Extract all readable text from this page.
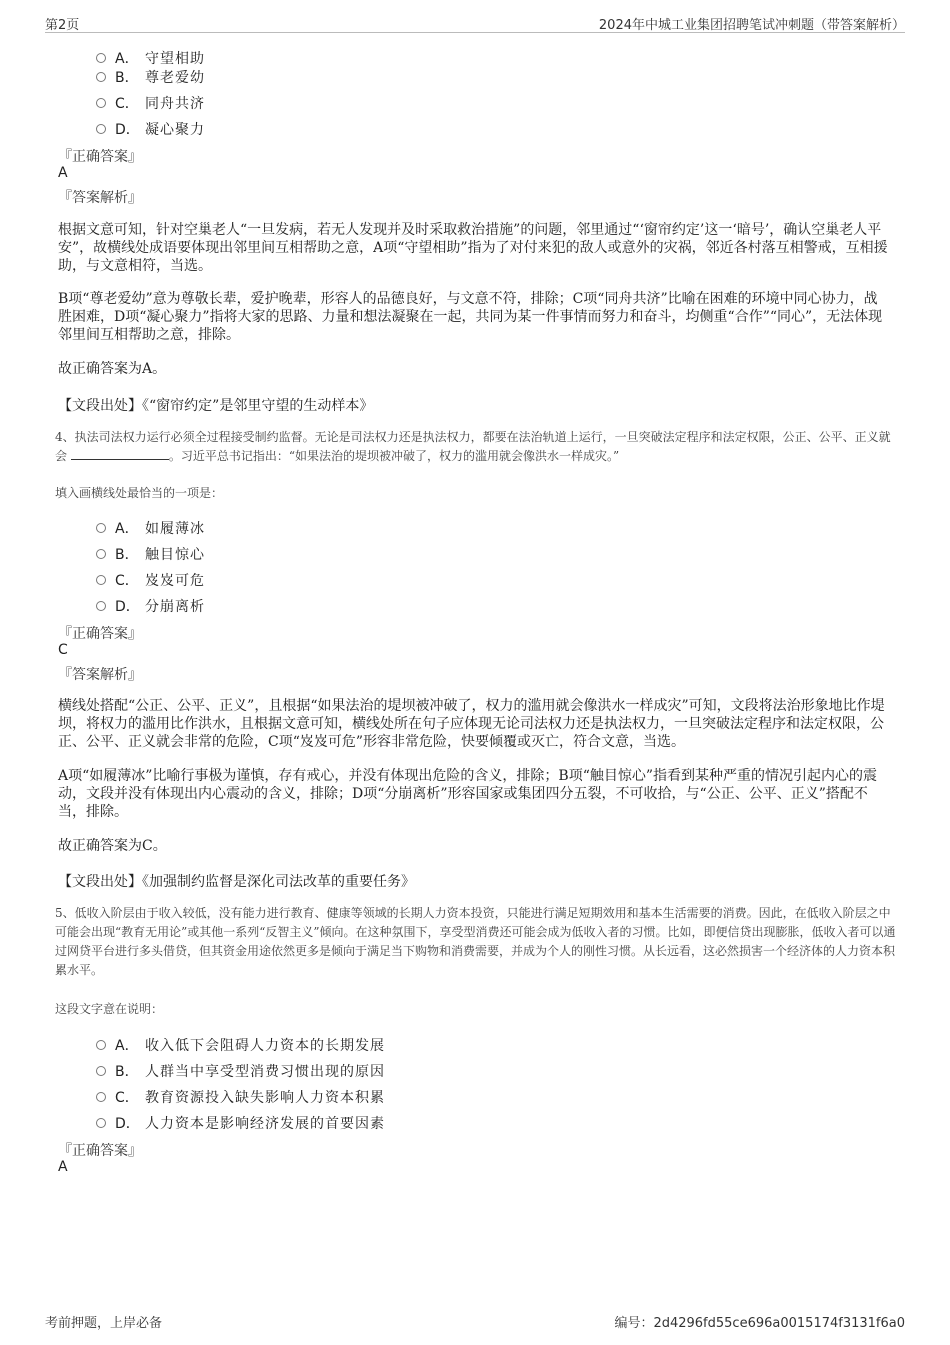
第2页	2024年中城工业集团招聘笔试冲刺题（带答案解析）
A． 守望相助
B． 尊老爱幼
C． 同舟共济
D． 凝心聚力
『正确答案』
A
『答案解析』
根据文意可知，针对空巢老人“一旦发病，若无人发现并及时采取救治措施”的问题，邻里通过“‘窗帘约定’这一‘暗号’，确认空巢老人平安”，故横线处成语要体现出邻里间互相帮助之意，A项“守望相助”指为了对付来犯的敌人或意外的灾祸，邻近各村落互相警戒，互相援助，与文意相符，当选。
B项“尊老爱幼”意为尊敬长辈，爱护晚辈，形容人的品德良好，与文意不符，排除；C项“同舟共济”比喻在困难的环境中同心协力，战胜困难，D项“凝心聚力”指将大家的思路、力量和想法凝聚在一起，共同为某一件事情而努力和奋斗，均侧重“合作”“同心”，无法体现邻里间互相帮助之意，排除。
故正确答案为A。
【文段出处】《“窗帘约定”是邻里守望的生动样本》
4、执法司法权力运行必须全过程接受制约监督。无论是司法权力还是执法权力，都要在法治轨道上运行，一旦突破法定程序和法定权限，公正、公平、正义就会	。习近平总书记指出：“如果法治的堤坝被冲破了，权力的滥用就会像洪水一样成灾。”
填入画横线处最恰当的一项是：
A． 如履薄冰
B． 触目惊心
C． 岌岌可危
D． 分崩离析
『正确答案』
C
『答案解析』
横线处搭配“公正、公平、正义”，且根据“如果法治的堤坝被冲破了，权力的滥用就会像洪水一样成灾”可知，文段将法治形象地比作堤坝，将权力的滥用比作洪水，且根据文意可知，横线处所在句子应体现无论司法权力还是执法权力，一旦突破法定程序和法定权限，公正、公平、正义就会非常的危险，C项“岌岌可危”形容非常危险，快要倾覆或灭亡，符合文意，当选。
A项“如履薄冰”比喻行事极为谨慎，存有戒心，并没有体现出危险的含义，排除；B项“触目惊心”指看到某种严重的情况引起内心的震动，文段并没有体现出内心震动的含义，排除；D项“分崩离析”形容国家或集团四分五裂，不可收拾，与“公正、公平、正义”搭配不当，排除。
故正确答案为C。
【文段出处】《加强制约监督是深化司法改革的重要任务》
5、低收入阶层由于收入较低，没有能力进行教育、健康等领域的长期人力资本投资，只能进行满足短期效用和基本生活需要的消费。因此，在低收入阶层之中可能会出现“教育无用论”或其他一系列“反智主义”倾向。在这种氛围下，享受型消费还可能会成为低收入者的习惯。比如，即便信贷出现膨胀，低收入者可以通过网贷平台进行多头借贷，但其资金用途依然更多是倾向于满足当下购物和消费需要，并成为个人的刚性习惯。从长远看，这必然损害一个经济体的人力资本积累水平。
这段文字意在说明：
A． 收入低下会阻碍人力资本的长期发展
B． 人群当中享受型消费习惯出现的原因
C． 教育资源投入缺失影响人力资本积累
D． 人力资本是影响经济发展的首要因素
『正确答案』
A
考前押题，上岸必备	编号：2d4296fd55ce696a0015174f3131f6a0
